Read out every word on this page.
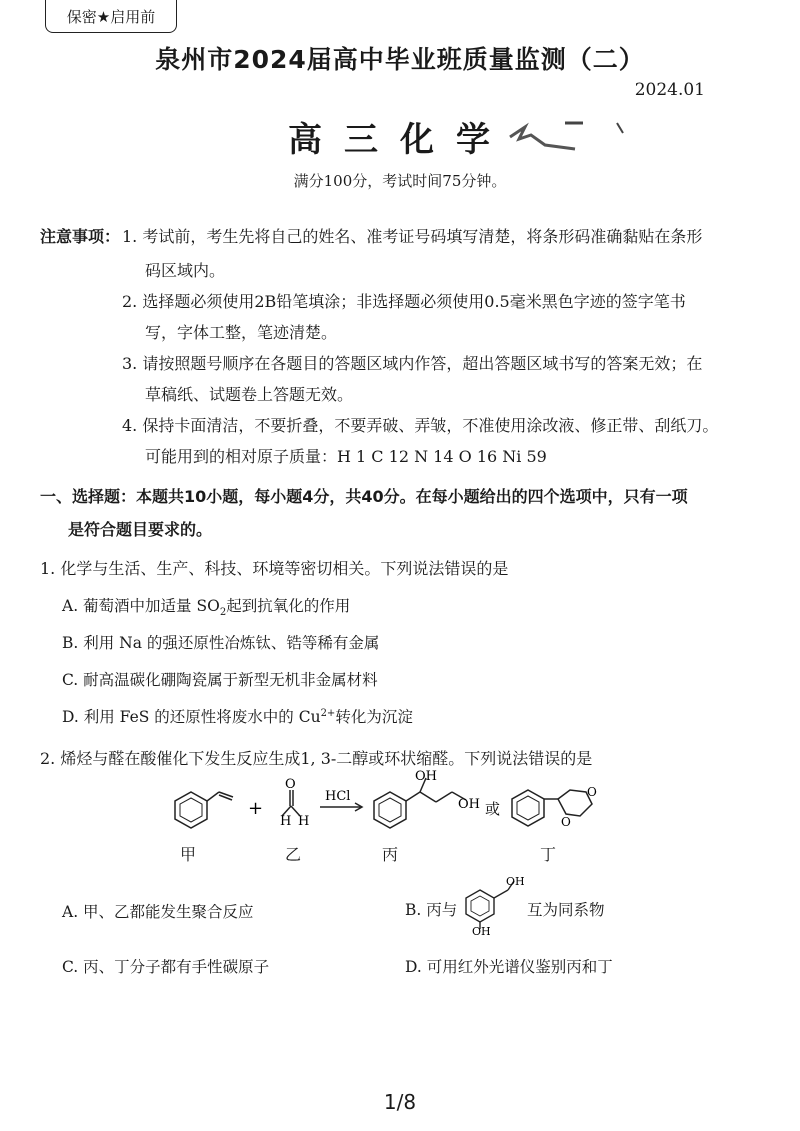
保密★启用前
泉州市2024届高中毕业班质量监测（二）
2024.01
高三化学
满分100分，考试时间75分钟。
注意事项： 1. 考试前，考生先将自己的姓名、准考证号码填写清楚，将条形码准确黏贴在条形
码区域内。
2. 选择题必须使用2B铅笔填涂；非选择题必须使用0.5毫米黑色字迹的签字笔书
写，字体工整，笔迹清楚。
3. 请按照题号顺序在各题目的答题区域内作答，超出答题区域书写的答案无效；在
草稿纸、试题卷上答题无效。
4. 保持卡面清洁，不要折叠，不要弄破、弄皱，不准使用涂改液、修正带、刮纸刀。
可能用到的相对原子质量：H 1 C 12 N 14 O 16 Ni 59
一、选择题：本题共10小题，每小题4分，共40分。在每小题给出的四个选项中，只有一项
是符合题目要求的。
1. 化学与生活、生产、科技、环境等密切相关。下列说法错误的是
A. 葡萄酒中加适量 $SO_2$起到抗氧化的作用
B. 利用 Na 的强还原性冶炼钛、锆等稀有金属
C. 耐高温碳化硼陶瓷属于新型无机非金属材料
D. 利用 FeS 的还原性将废水中的 $Cu^{2+}$转化为沉淀
2. 烯烃与醛在酸催化下发生反应生成1, 3-二醇或环状缩醛。下列说法错误的是
H H
O
+
HCl
OH
OH 或
O
O
甲	乙	丙	丁
A. 甲、乙都能发生聚合反应	B. 丙与
OH
OH
互为同系物
C. 丙、丁分子都有手性碳原子	D. 可用红外光谱仪鉴别丙和丁
1/8
